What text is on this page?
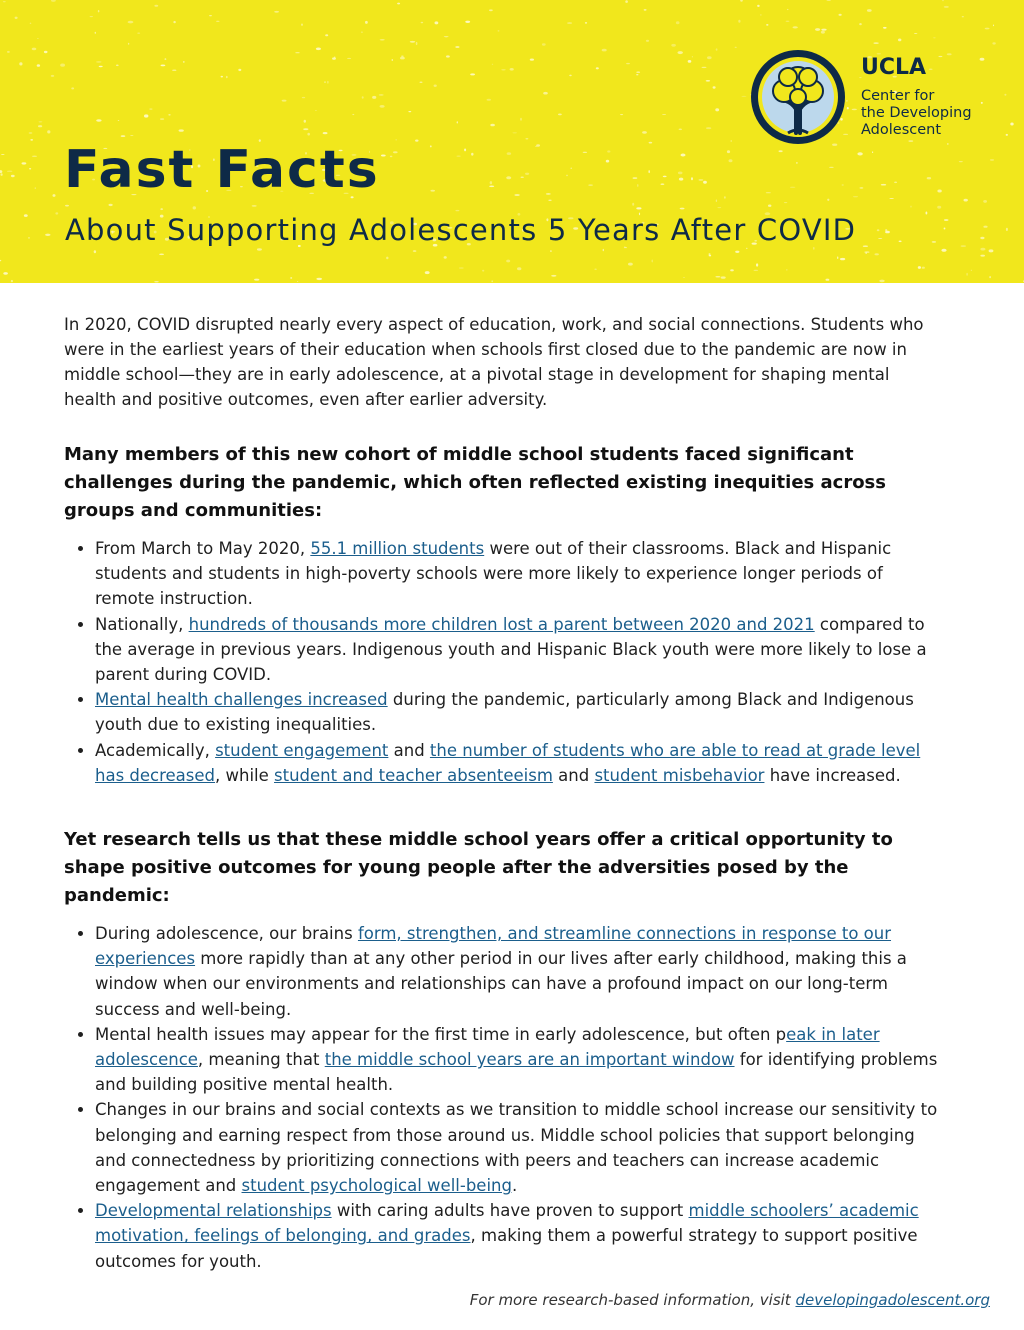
Fast Facts
About Supporting Adolescents 5 Years After COVID
UCLA
Center for
the Developing
Adolescent

In 2020, COVID disrupted nearly every aspect of education, work, and social connections. Students who were in the earliest years of their education when schools first closed due to the pandemic are now in middle school—they are in early adolescence, at a pivotal stage in development for shaping mental health and positive outcomes, even after earlier adversity.

Many members of this new cohort of middle school students faced significant challenges during the pandemic, which often reflected existing inequities across groups and communities:
• From March to May 2020, 55.1 million students were out of their classrooms. Black and Hispanic students and students in high-poverty schools were more likely to experience longer periods of remote instruction.
• Nationally, hundreds of thousands more children lost a parent between 2020 and 2021 compared to the average in previous years. Indigenous youth and Hispanic Black youth were more likely to lose a parent during COVID.
• Mental health challenges increased during the pandemic, particularly among Black and Indigenous youth due to existing inequalities.
• Academically, student engagement and the number of students who are able to read at grade level has decreased, while student and teacher absenteeism and student misbehavior have increased.
Yet research tells us that these middle school years offer a critical opportunity to shape positive outcomes for young people after the adversities posed by the pandemic:
• During adolescence, our brains form, strengthen, and streamline connections in response to our experiences more rapidly than at any other period in our lives after early childhood, making this a window when our environments and relationships can have a profound impact on our long-term success and well-being.
• Mental health issues may appear for the first time in early adolescence, but often peak in later adolescence, meaning that the middle school years are an important window for identifying problems and building positive mental health.
• Changes in our brains and social contexts as we transition to middle school increase our sensitivity to belonging and earning respect from those around us. Middle school policies that support belonging and connectedness by prioritizing connections with peers and teachers can increase academic engagement and student psychological well-being.
• Developmental relationships with caring adults have proven to support middle schoolers’ academic motivation, feelings of belonging, and grades, making them a powerful strategy to support positive outcomes for youth.
For more research-based information, visit developingadolescent.org
